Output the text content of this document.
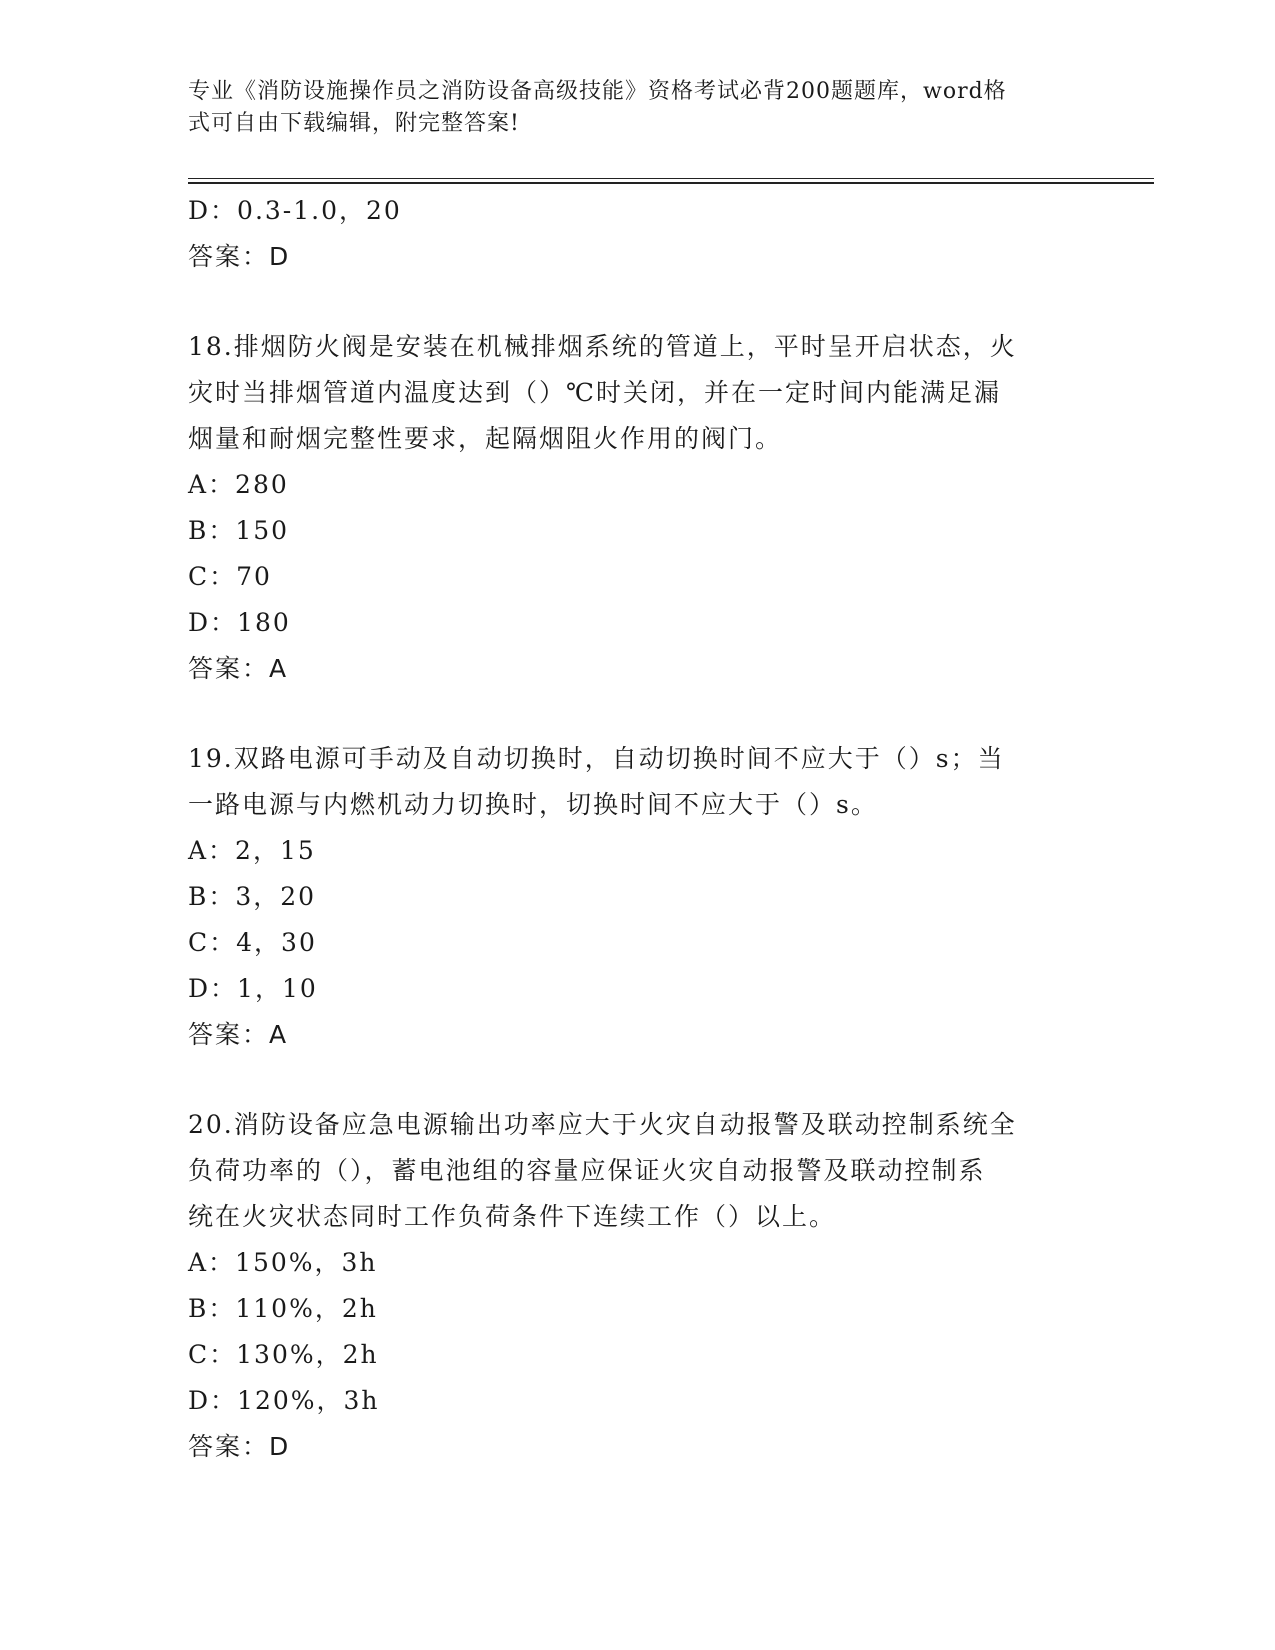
专业《消防设施操作员之消防设备高级技能》资格考试必背200题题库，word格
式可自由下载编辑，附完整答案!
D：0.3-1.0，20
答案：D
18.排烟防火阀是安装在机械排烟系统的管道上，平时呈开启状态，火
灾时当排烟管道内温度达到（）℃时关闭，并在一定时间内能满足漏
烟量和耐烟完整性要求，起隔烟阻火作用的阀门。
A：280
B：150
C：70
D：180
答案：A
19.双路电源可手动及自动切换时，自动切换时间不应大于（）s；当
一路电源与内燃机动力切换时，切换时间不应大于（）s。
A：2，15
B：3，20
C：4，30
D：1，10
答案：A
20.消防设备应急电源输出功率应大于火灾自动报警及联动控制系统全
负荷功率的（），蓄电池组的容量应保证火灾自动报警及联动控制系
统在火灾状态同时工作负荷条件下连续工作（）以上。
A：150%，3h
B：110%，2h
C：130%，2h
D：120%，3h
答案：D
